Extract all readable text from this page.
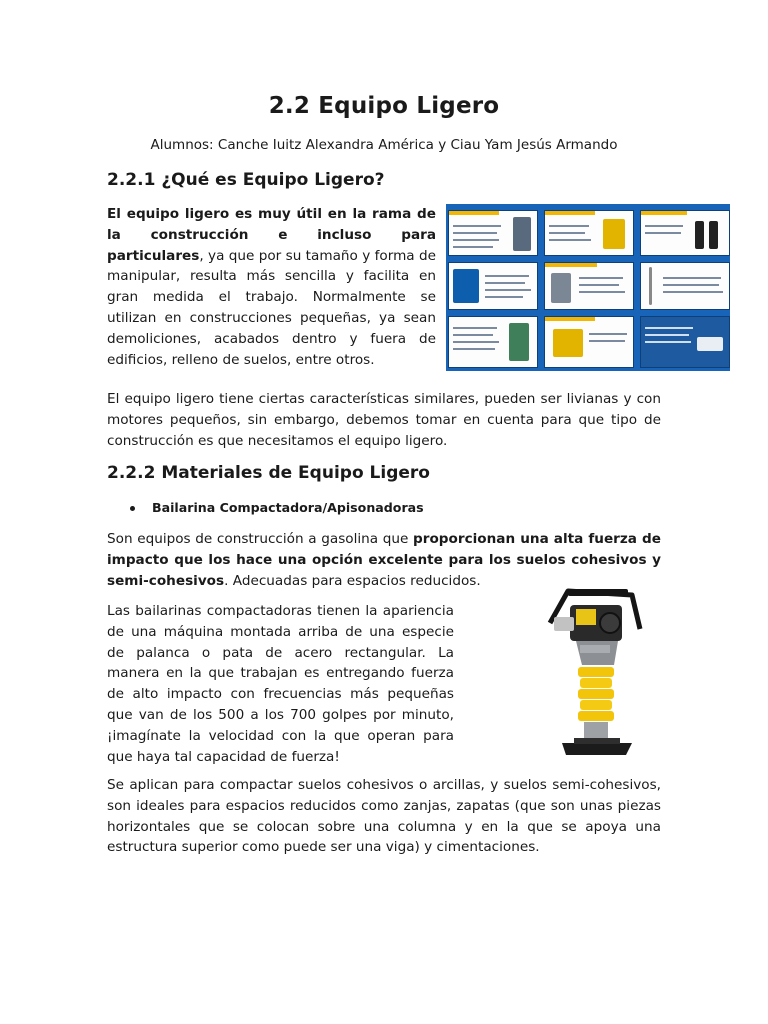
2.2 Equipo Ligero
Alumnos: Canche Iuitz Alexandra América y Ciau Yam Jesús Armando
2.2.1 ¿Qué es Equipo Ligero?

El equipo ligero es muy útil en la rama de la construcción e incluso para particulares, ya que por su tamaño y forma de manipular, resulta más sencilla y facilita en gran medida el trabajo. Normalmente se utilizan en construcciones pequeñas, ya sean demoliciones, acabados dentro y fuera de edificios, relleno de suelos, entre otros.

El equipo ligero tiene ciertas características similares, pueden ser livianas y con motores pequeños, sin embargo, debemos tomar en cuenta para que tipo de construcción es que necesitamos el equipo ligero.

2.2.2 Materiales de Equipo Ligero
Bailarina Compactadora/Apisonadoras

Son equipos de construcción a gasolina que proporcionan una alta fuerza de impacto que los hace una opción excelente para los suelos cohesivos y semi-cohesivos. Adecuadas para espacios reducidos.

Las bailarinas compactadoras tienen la apariencia de una máquina montada arriba de una especie de palanca o pata de acero rectangular. La manera en la que trabajan es entregando fuerza de alto impacto con frecuencias más pequeñas que van de los 500 a los 700 golpes por minuto, ¡imagínate la velocidad con la que operan para que haya tal capacidad de fuerza!

Se aplican para compactar suelos cohesivos o arcillas, y suelos semi-cohesivos, son ideales para espacios reducidos como zanjas, zapatas (que son unas piezas horizontales que se colocan sobre una columna y en la que se apoya una estructura superior como puede ser una viga) y cimentaciones.
